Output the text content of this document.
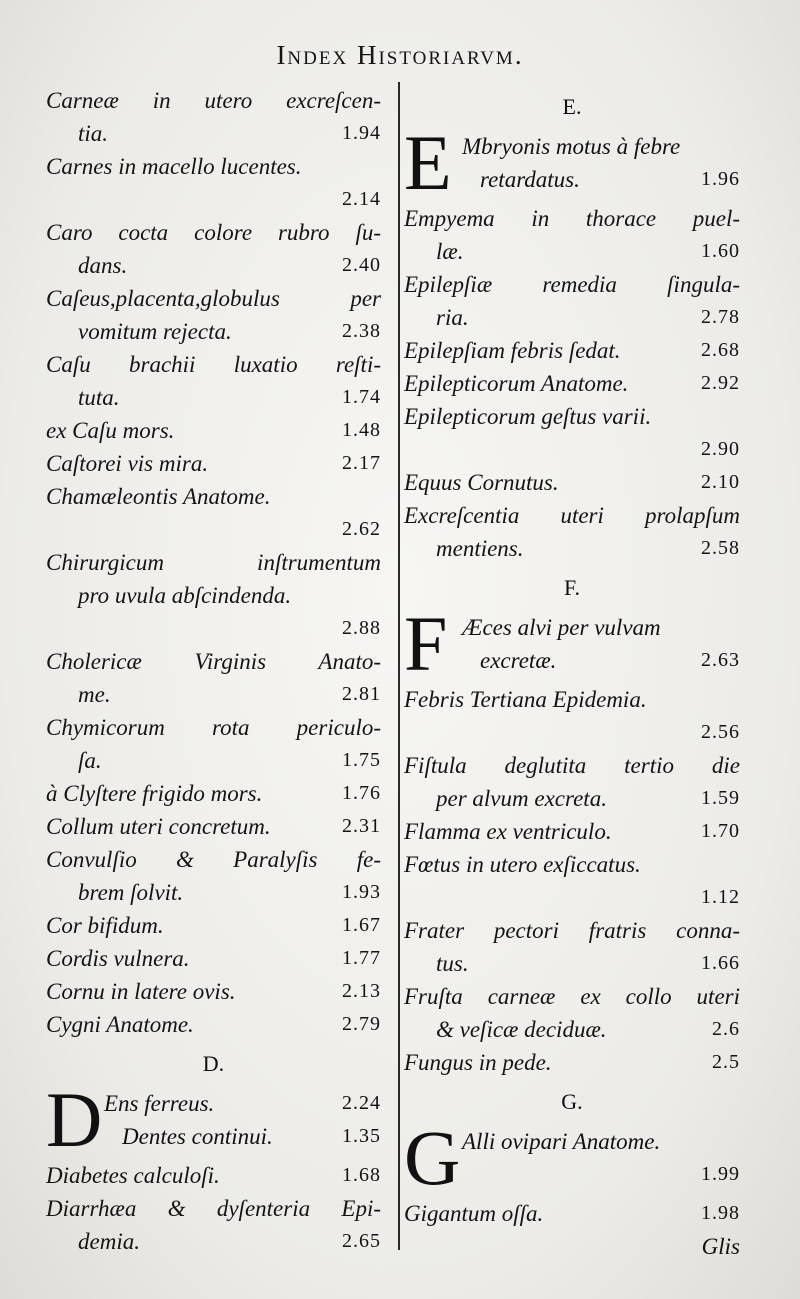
Index Historiarvm.
Carneæ in utero excreſcen-
tia.	1.94
Carnes in macello lucentes.
2.14
Caro cocta colore rubro ſu-
dans.	2.40
Caſeus,placenta,globulus per
vomitum rejecta.	2.38
Caſu brachii luxatio reſti-
tuta.	1.74
ex Caſu mors.	1.48
Caſtorei vis mira.	2.17
Chamæleontis Anatome.
2.62
Chirurgicum inſtrumentum
pro uvula abſcindenda.
2.88
Cholericæ Virginis Anato-
me.	2.81
Chymicorum rota periculo-
ſa.	1.75
à Clyſtere frigido mors.	1.76
Collum uteri concretum.	2.31
Convulſio & Paralyſis fe-
brem ſolvit.	1.93
Cor bifidum.	1.67
Cordis vulnera.	1.77
Cornu in latere ovis.	2.13
Cygni Anatome.	2.79
D.
D Ens ferreus.	2.24
Dentes continui.	1.35
Diabetes calculoſi.	1.68
Diarrhæa & dyſenteria Epi-
demia.	2.65
E.
E Mbryonis motus à febre
retardatus.	1.96
Empyema in thorace puel-
læ.	1.60
Epilepſiæ remedia ſingula-
ria.	2.78
Epilepſiam febris ſedat.	2.68
Epilepticorum Anatome.	2.92
Epilepticorum geſtus varii.
2.90
Equus Cornutus.	2.10
Excreſcentia uteri prolapſum
mentiens.	2.58
F.
F Æces alvi per vulvam
excretæ.	2.63
Febris Tertiana Epidemia.
2.56
Fiſtula deglutita tertio die
per alvum excreta.	1.59
Flamma ex ventriculo.	1.70
Fœtus in utero exſiccatus.
1.12
Frater pectori fratris conna-
tus.	1.66
Fruſta carneæ ex collo uteri
& veſicæ deciduæ.	2.6
Fungus in pede.	2.5
G.
G Alli ovipari Anatome.

1.99
Gigantum oſſa.	1.98
Glis
